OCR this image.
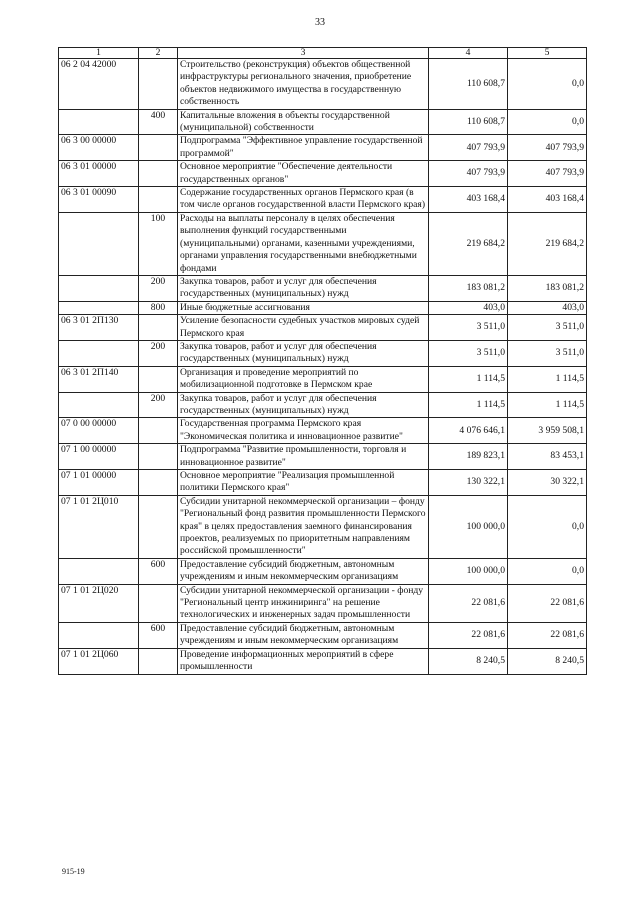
33
1	2	3	4	5
06 2 04 42000		Строительство (реконструкция) объектов общественной инфраструктуры регионального значения, приобретение объектов недвижимого имущества в государственную собственность	110 608,7	0,0
	400	Капитальные вложения в объекты государственной (муниципальной) собственности	110 608,7	0,0
06 3 00 00000		Подпрограмма "Эффективное управление государственной программой"	407 793,9	407 793,9
06 3 01 00000		Основное мероприятие "Обеспечение деятельности государственных органов"	407 793,9	407 793,9
06 3 01 00090		Содержание государственных органов Пермского края (в том числе органов государственной власти Пермского края)	403 168,4	403 168,4
	100	Расходы на выплаты персоналу в целях обеспечения выполнения функций государственными (муниципальными) органами, казенными учреждениями, органами управления государственными внебюджетными фондами	219 684,2	219 684,2
	200	Закупка товаров, работ и услуг для обеспечения государственных (муниципальных) нужд	183 081,2	183 081,2
	800	Иные бюджетные ассигнования	403,0	403,0
06 3 01 2П130		Усиление безопасности судебных участков мировых судей Пермского края	3 511,0	3 511,0
	200	Закупка товаров, работ и услуг для обеспечения государственных (муниципальных) нужд	3 511,0	3 511,0
06 3 01 2П140		Организация и проведение мероприятий по мобилизационной подготовке в Пермском крае	1 114,5	1 114,5
	200	Закупка товаров, работ и услуг для обеспечения государственных (муниципальных) нужд	1 114,5	1 114,5
07 0 00 00000		Государственная программа Пермского края "Экономическая политика и инновационное развитие"	4 076 646,1	3 959 508,1
07 1 00 00000		Подпрограмма "Развитие промышленности, торговля и инновационное развитие"	189 823,1	83 453,1
07 1 01 00000		Основное мероприятие "Реализация промышленной политики Пермского края"	130 322,1	30 322,1
07 1 01 2Ц010		Субсидии унитарной некоммерческой организации – фонду "Региональный фонд развития промышленности Пермского края" в целях предоставления заемного финансирования проектов, реализуемых по приоритетным направлениям российской промышленности"	100 000,0	0,0
	600	Предоставление субсидий бюджетным, автономным учреждениям и иным некоммерческим организациям	100 000,0	0,0
07 1 01 2Ц020		Субсидии унитарной некоммерческой организации - фонду "Региональный центр инжиниринга" на решение технологических и инженерных задач промышленности	22 081,6	22 081,6
	600	Предоставление субсидий бюджетным, автономным учреждениям и иным некоммерческим организациям	22 081,6	22 081,6
07 1 01 2Ц060		Проведение информационных мероприятий в сфере промышленности	8 240,5	8 240,5
915-19
